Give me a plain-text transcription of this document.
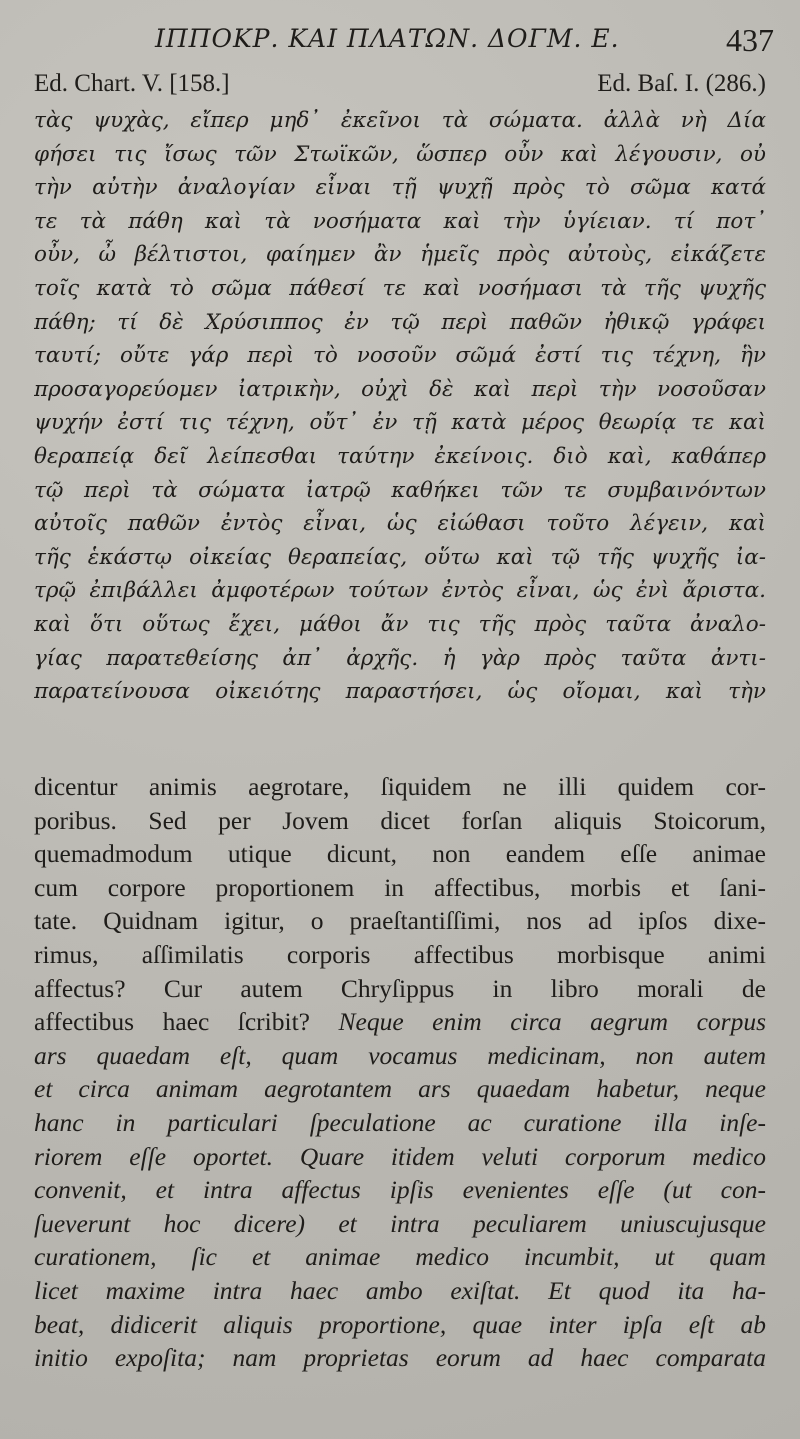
ΙΠΠΟΚΡ. ΚΑΙ ΠΛΑΤΩΝ. ΔΟΓΜ. Ε.	437
Ed. Chart. V. [158.]	Ed. Baſ. I. (286.)
τὰς ψυχὰς, εἴπερ μηδ᾽ ἐκεῖνοι τὰ σώματα. ἀλλὰ νὴ Δία
φήσει τις ἴσως τῶν Στωϊκῶν, ὥσπερ οὖν καὶ λέγουσιν, οὐ
τὴν αὐτὴν ἀναλογίαν εἶναι τῇ ψυχῇ πρὸς τὸ σῶμα κατά
τε τὰ πάθη καὶ τὰ νοσήματα καὶ τὴν ὑγίειαν. τί ποτ᾽
οὖν, ὦ βέλτιστοι, φαίημεν ἂν ἡμεῖς πρὸς αὐτοὺς, εἰκάζετε
τοῖς κατὰ τὸ σῶμα πάθεσί τε καὶ νοσήμασι τὰ τῆς ψυχῆς
πάθη; τί δὲ Χρύσιππος ἐν τῷ περὶ παθῶν ἠθικῷ γράφει
ταυτί; οὔτε γάρ περὶ τὸ νοσοῦν σῶμά ἐστί τις τέχνη, ἣν
προσαγορεύομεν ἰατρικὴν, οὐχὶ δὲ καὶ περὶ τὴν νοσοῦσαν
ψυχήν ἐστί τις τέχνη, οὔτ᾽ ἐν τῇ κατὰ μέρος θεωρίᾳ τε καὶ
θεραπείᾳ δεῖ λείπεσθαι ταύτην ἐκείνοις. διὸ καὶ, καθάπερ
τῷ περὶ τὰ σώματα ἰατρῷ καθήκει τῶν τε συμβαινόντων
αὐτοῖς παθῶν ἐντὸς εἶναι, ὡς εἰώθασι τοῦτο λέγειν, καὶ
τῆς ἑκάστῳ οἰκείας θεραπείας, οὕτω καὶ τῷ τῆς ψυχῆς ἰα-
τρῷ ἐπιβάλλει ἀμφοτέρων τούτων ἐντὸς εἶναι, ὡς ἐνὶ ἄριστα.
καὶ ὅτι οὕτως ἔχει, μάθοι ἄν τις τῆς πρὸς ταῦτα ἀναλο-
γίας παρατεθείσης ἀπ᾽ ἀρχῆς. ἡ γὰρ πρὸς ταῦτα ἀντι-
παρατείνουσα οἰκειότης παραστήσει, ὡς οἴομαι, καὶ τὴν
dicentur animis aegrotare, ſiquidem ne illi quidem cor-
poribus. Sed per Jovem dicet forſan aliquis Stoicorum,
quemadmodum utique dicunt, non eandem eſſe animae
cum corpore proportionem in affectibus, morbis et ſani-
tate. Quidnam igitur, o praeſtantiſſimi, nos ad ipſos dixe-
rimus, aſſimilatis corporis affectibus morbisque animi
affectus? Cur autem Chryſippus in libro morali de
affectibus haec ſcribit? Neque enim circa aegrum corpus
ars quaedam eſt, quam vocamus medicinam, non autem
et circa animam aegrotantem ars quaedam habetur, neque
hanc in particulari ſpeculatione ac curatione illa inſe-
riorem eſſe oportet. Quare itidem veluti corporum medico
convenit, et intra affectus ipſis evenientes eſſe (ut con-
ſueverunt hoc dicere) et intra peculiarem uniuscujusque
curationem, ſic et animae medico incumbit, ut quam
licet maxime intra haec ambo exiſtat. Et quod ita ha-
beat, didicerit aliquis proportione, quae inter ipſa eſt ab
initio expoſita; nam proprietas eorum ad haec comparata
